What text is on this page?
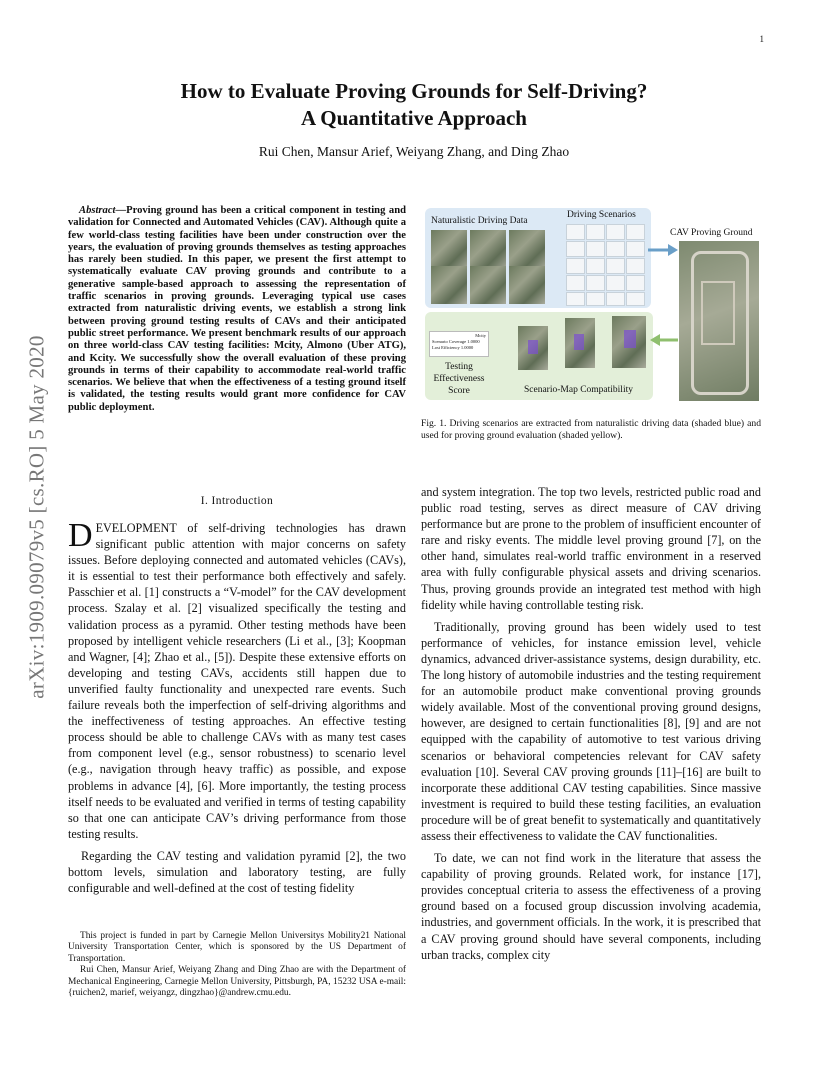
1
arXiv:1909.09079v5 [cs.RO] 5 May 2020
How to Evaluate Proving Grounds for Self-Driving?
A Quantitative Approach
Rui Chen, Mansur Arief, Weiyang Zhang, and Ding Zhao
Abstract—Proving ground has been a critical component in testing and validation for Connected and Automated Vehicles (CAV). Although quite a few world-class testing facilities have been under construction over the years, the evaluation of proving grounds themselves as testing approaches has rarely been studied. In this paper, we present the first attempt to systematically evaluate CAV proving grounds and contribute to a generative sample-based approach to assessing the representation of traffic scenarios in proving grounds. Leveraging typical use cases extracted from naturalistic driving events, we establish a strong link between proving ground testing results of CAVs and their anticipated public street performance. We present benchmark results of our approach on three world-class CAV testing facilities: Mcity, Almono (Uber ATG), and Kcity. We successfully show the overall evaluation of these proving grounds in terms of their capability to accommodate real-world traffic scenarios. We believe that when the effectiveness of a testing ground itself is validated, the testing results would grant more confidence for CAV public deployment.
Naturalistic Driving Data
Driving Scenarios
CAV Proving Ground
Mcity
Scenario Coverage 1.0000
Lost Efficiency 1.0000
Testing
Effectiveness
Score	Scenario-Map Compatibility
Fig. 1. Driving scenarios are extracted from naturalistic driving data (shaded blue) and used for proving ground evaluation (shaded yellow).
I. Introduction

DEVELOPMENT of self-driving technologies has drawn significant public attention with major concerns on safety issues. Before deploying connected and automated vehicles (CAVs), it is essential to test their performance both effectively and safely. Passchier et al. [1] constructs a “V-model” for the CAV development process. Szalay et al. [2] visualized specifically the testing and validation process as a pyramid. Other testing methods have been proposed by intelligent vehicle researchers (Li et al., [3]; Koopman and Wagner, [4]; Zhao et al., [5]). Despite these extensive efforts on developing and testing CAVs, accidents still happen due to unverified faulty functionality and unexpected rare events. Such failure reveals both the imperfection of self-driving algorithms and the ineffectiveness of testing approaches. An effective testing process should be able to challenge CAVs with as many test cases from component level (e.g., sensor robustness) to scenario level (e.g., navigation through heavy traffic) as possible, and expose problems in advance [4], [6]. More importantly, the testing process itself needs to be evaluated and verified in terms of testing capability so that one can anticipate CAV’s driving performance from those testing results.

Regarding the CAV testing and validation pyramid [2], the two bottom levels, simulation and laboratory testing, are fully configurable and well-defined at the cost of testing fidelity

This project is funded in part by Carnegie Mellon Universitys Mobility21 National University Transportation Center, which is sponsored by the US Department of Transportation.

Rui Chen, Mansur Arief, Weiyang Zhang and Ding Zhao are with the Department of Mechanical Engineering, Carnegie Mellon University, Pittsburgh, PA, 15232 USA e-mail: {ruichen2, marief, weiyangz, dingzhao}@andrew.cmu.edu.

and system integration. The top two levels, restricted public road and public road testing, serves as direct measure of CAV driving performance but are prone to the problem of insufficient encounter of rare and risky events. The middle level proving ground [7], on the other hand, simulates real-world traffic environment in a reserved area with fully configurable physical assets and driving scenarios. Thus, proving grounds provide an integrated test method with high fidelity while having controllable testing risk.

Traditionally, proving ground has been widely used to test performance of vehicles, for instance emission level, vehicle dynamics, advanced driver-assistance systems, design durability, etc. The long history of automobile industries and the testing requirement for an automobile product make conventional proving grounds widely available. Most of the conventional proving ground designs, however, are designed to certain functionalities [8], [9] and are not equipped with the capability of automotive to test various driving scenarios or behavioral competencies relevant for CAV safety evaluation [10]. Several CAV proving grounds [11]–[16] are built to incorporate these additional CAV testing capabilities. Since massive investment is required to build these testing facilities, an evaluation procedure will be of great benefit to systematically and quantitatively assess their effectiveness to validate the CAV functionalities.

To date, we can not find work in the literature that assess the capability of proving grounds. Related work, for instance [17], provides conceptual criteria to assess the effectiveness of a proving ground based on a focused group discussion involving academia, industries, and government officials. In the work, it is prescribed that a CAV proving ground should have several components, including urban tracks, complex city
